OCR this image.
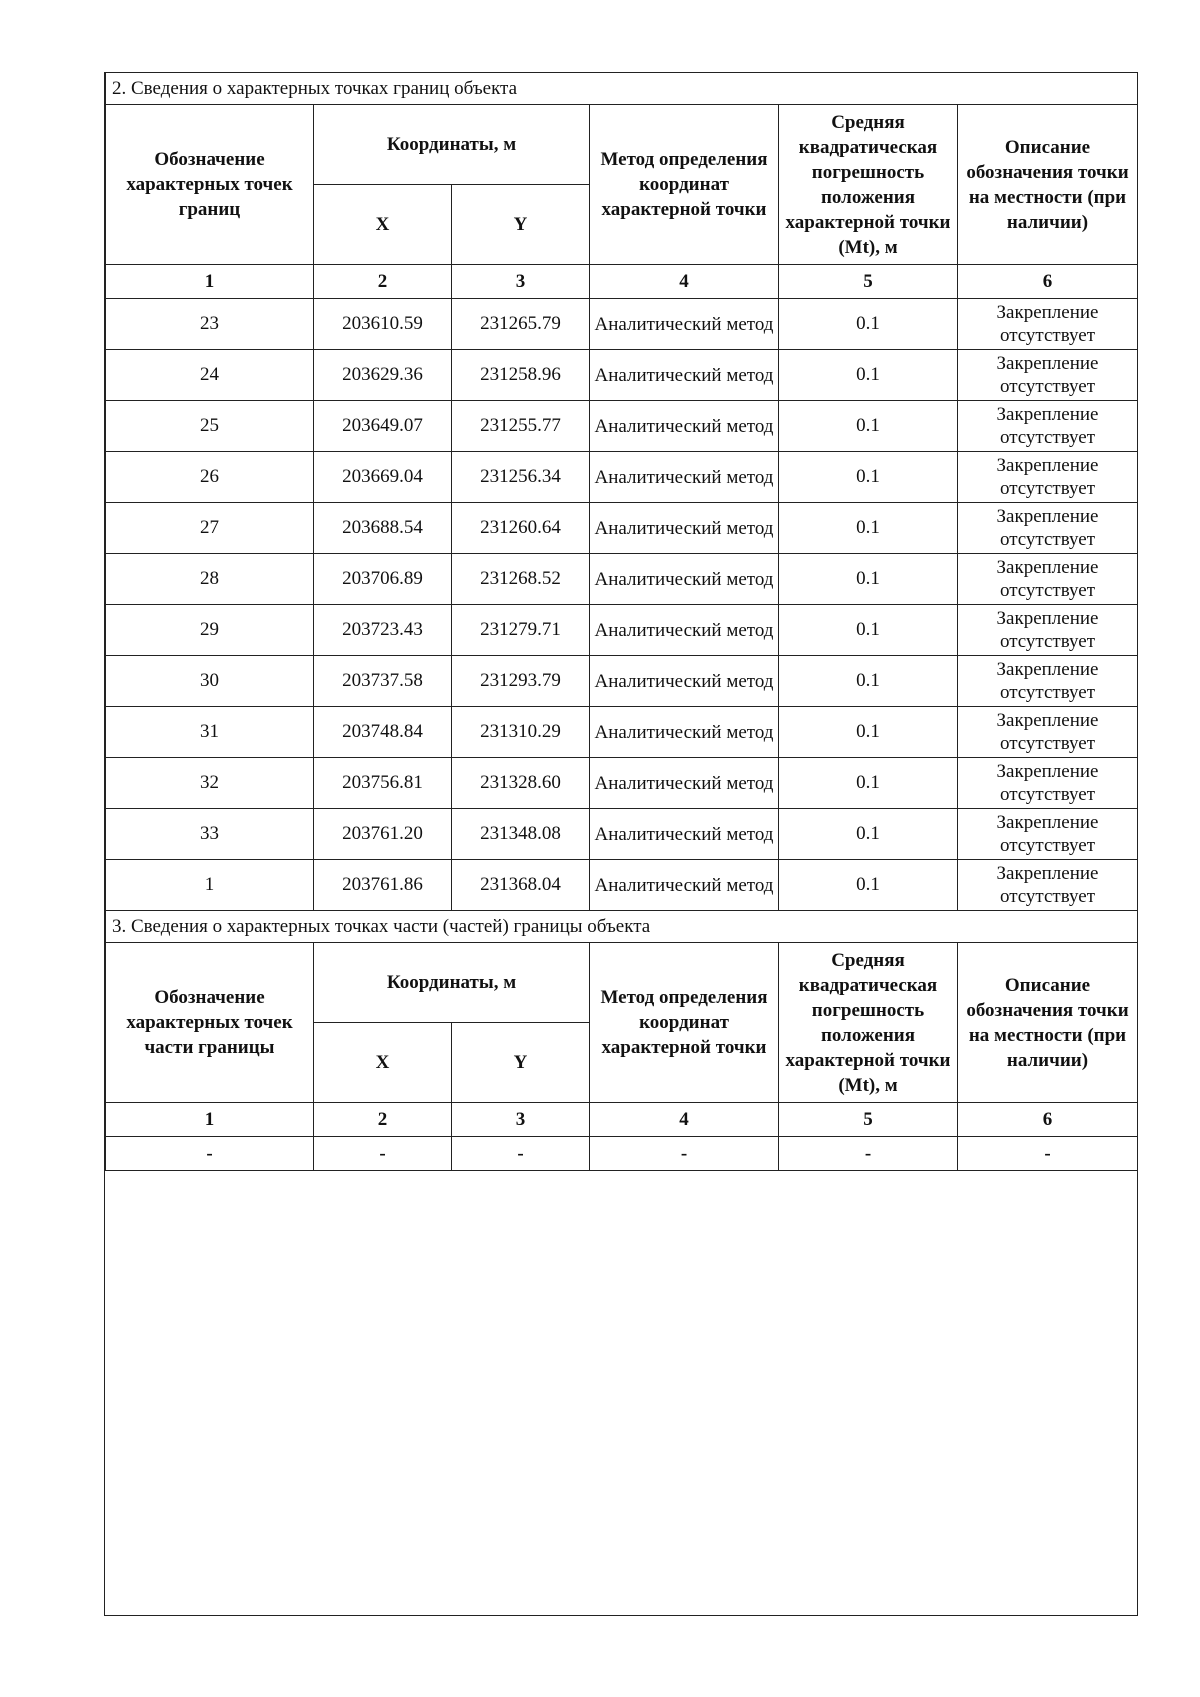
2. Сведения о характерных точках границ объекта					
Обозначение характерных точек границ	Координаты, м		Метод определения координат характерной точки	Средняя квадратическая погрешность положения характерной точки (Mt), м	Описание обозначения точки на местности (при наличии)
	X	Y			
1	2	3	4	5	6
23	203610.59	231265.79	Аналитический метод	0.1	Закрепление отсутствует
24	203629.36	231258.96	Аналитический метод	0.1	Закрепление отсутствует
25	203649.07	231255.77	Аналитический метод	0.1	Закрепление отсутствует
26	203669.04	231256.34	Аналитический метод	0.1	Закрепление отсутствует
27	203688.54	231260.64	Аналитический метод	0.1	Закрепление отсутствует
28	203706.89	231268.52	Аналитический метод	0.1	Закрепление отсутствует
29	203723.43	231279.71	Аналитический метод	0.1	Закрепление отсутствует
30	203737.58	231293.79	Аналитический метод	0.1	Закрепление отсутствует
31	203748.84	231310.29	Аналитический метод	0.1	Закрепление отсутствует
32	203756.81	231328.60	Аналитический метод	0.1	Закрепление отсутствует
33	203761.20	231348.08	Аналитический метод	0.1	Закрепление отсутствует
1	203761.86	231368.04	Аналитический метод	0.1	Закрепление отсутствует
3. Сведения о характерных точках части (частей) границы объекта					
Обозначение характерных точек части границы	Координаты, м		Метод определения координат характерной точки	Средняя квадратическая погрешность положения характерной точки (Mt), м	Описание обозначения точки на местности (при наличии)
	X	Y			
1	2	3	4	5	6
-	-	-	-	-	-
